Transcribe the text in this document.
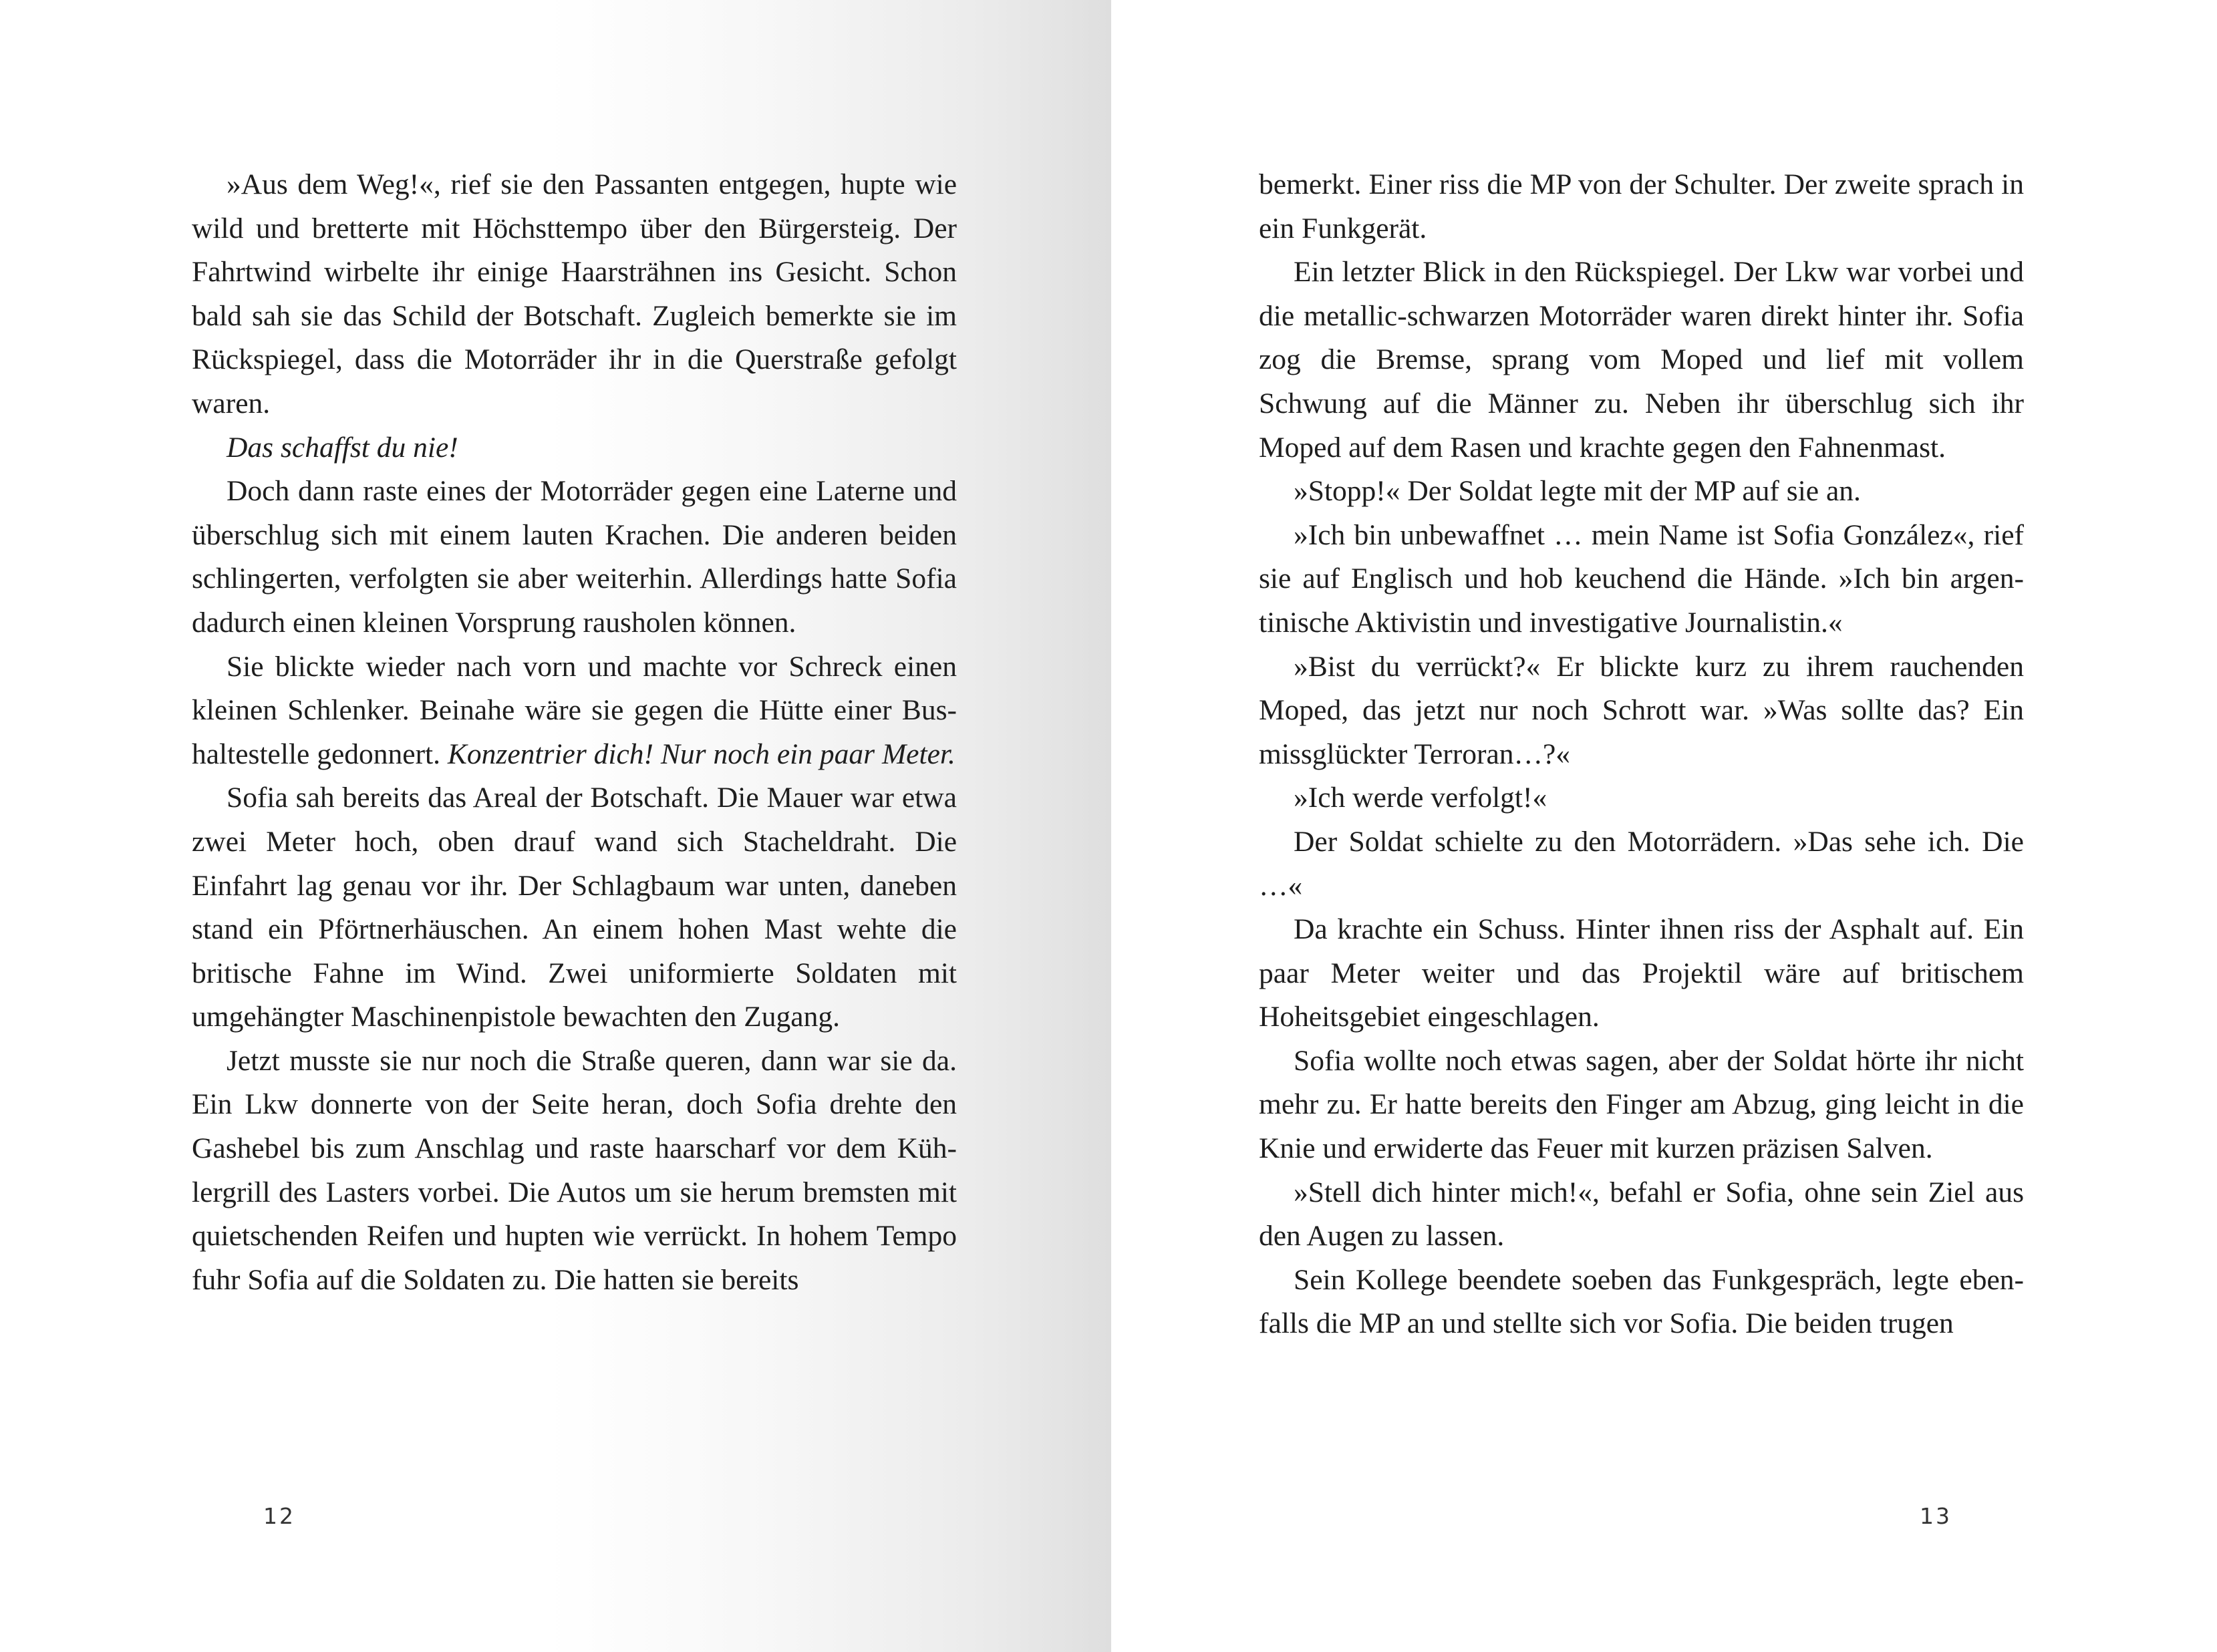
»Aus dem Weg!«, rief sie den Passanten entgegen, hupte wie wild und bretterte mit Höchsttempo über den Bürgersteig. Der Fahrtwind wirbelte ihr einige Haarsträhnen ins Gesicht. Schon bald sah sie das Schild der Botschaft. Zugleich bemerkte sie im Rückspiegel, dass die Motorräder ihr in die Querstraße gefolgt waren.

Das schaffst du nie!

Doch dann raste eines der Motorräder gegen eine Laterne und überschlug sich mit einem lauten Krachen. Die anderen beiden schlingerten, verfolgten sie aber weiterhin. Allerdings hatte Sofia dadurch einen kleinen Vorsprung rausholen können.

Sie blickte wieder nach vorn und machte vor Schreck einen kleinen Schlenker. Beinahe wäre sie gegen die Hütte einer Bushaltestelle gedonnert. Konzentrier dich! Nur noch ein paar Meter.

Sofia sah bereits das Areal der Botschaft. Die Mauer war etwa zwei Meter hoch, oben drauf wand sich Stacheldraht. Die Einfahrt lag genau vor ihr. Der Schlagbaum war unten, daneben stand ein Pförtnerhäuschen. An einem hohen Mast wehte die britische Fahne im Wind. Zwei uniformierte Soldaten mit umgehängter Maschinenpistole bewachten den Zugang.

Jetzt musste sie nur noch die Straße queren, dann war sie da. Ein Lkw donnerte von der Seite heran, doch Sofia drehte den Gashebel bis zum Anschlag und raste haarscharf vor dem Kühlergrill des Lasters vorbei. Die Autos um sie herum bremsten mit quietschenden Reifen und hupten wie verrückt. In hohem Tempo fuhr Sofia auf die Soldaten zu. Die hatten sie bereits

12

bemerkt. Einer riss die MP von der Schulter. Der zweite sprach in ein Funkgerät.

Ein letzter Blick in den Rückspiegel. Der Lkw war vorbei und die metallic-schwarzen Motorräder waren direkt hinter ihr. Sofia zog die Bremse, sprang vom Moped und lief mit vollem Schwung auf die Männer zu. Neben ihr überschlug sich ihr Moped auf dem Rasen und krachte gegen den Fahnenmast.

»Stopp!« Der Soldat legte mit der MP auf sie an.

»Ich bin unbewaffnet … mein Name ist Sofia González«, rief sie auf Englisch und hob keuchend die Hände. »Ich bin argentinische Aktivistin und investigative Journalistin.«

»Bist du verrückt?« Er blickte kurz zu ihrem rauchenden Moped, das jetzt nur noch Schrott war. »Was sollte das? Ein missglückter Terroran…?«

»Ich werde verfolgt!«

Der Soldat schielte zu den Motorrädern. »Das sehe ich. Die …«

Da krachte ein Schuss. Hinter ihnen riss der Asphalt auf. Ein paar Meter weiter und das Projektil wäre auf britischem Hoheitsgebiet eingeschlagen.

Sofia wollte noch etwas sagen, aber der Soldat hörte ihr nicht mehr zu. Er hatte bereits den Finger am Abzug, ging leicht in die Knie und erwiderte das Feuer mit kurzen präzisen Salven.

»Stell dich hinter mich!«, befahl er Sofia, ohne sein Ziel aus den Augen zu lassen.

Sein Kollege beendete soeben das Funkgespräch, legte ebenfalls die MP an und stellte sich vor Sofia. Die beiden trugen

13
